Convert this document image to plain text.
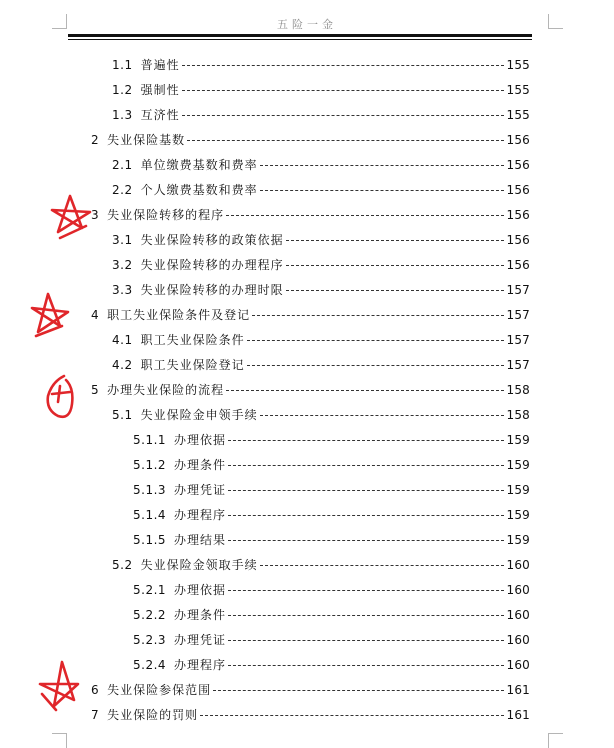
五险一金
1.1 普遍性	155
1.2 强制性	155
1.3 互济性	155
2 失业保险基数	156
2.1 单位缴费基数和费率	156
2.2 个人缴费基数和费率	156
3 失业保险转移的程序	156
3.1 失业保险转移的政策依据	156
3.2 失业保险转移的办理程序	156
3.3 失业保险转移的办理时限	157
4 职工失业保险条件及登记	157
4.1 职工失业保险条件	157
4.2 职工失业保险登记	157
5 办理失业保险的流程	158
5.1 失业保险金申领手续	158
5.1.1 办理依据	159
5.1.2 办理条件	159
5.1.3 办理凭证	159
5.1.4 办理程序	159
5.1.5 办理结果	159
5.2 失业保险金领取手续	160
5.2.1 办理依据	160
5.2.2 办理条件	160
5.2.3 办理凭证	160
5.2.4 办理程序	160
6 失业保险参保范围	161
7 失业保险的罚则	161
